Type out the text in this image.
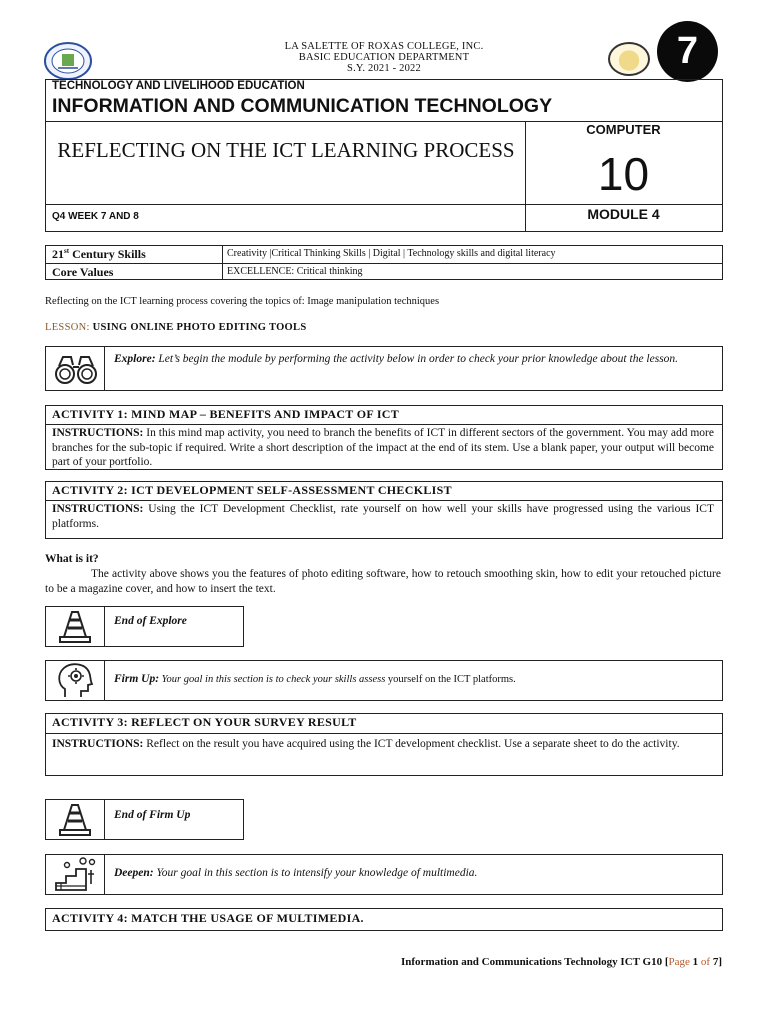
LA SALETTE OF ROXAS COLLEGE, INC.
BASIC EDUCATION DEPARTMENT
S.Y. 2021 - 2022	7
TECHNOLOGY AND LIVELIHOOD EDUCATION
INFORMATION AND COMMUNICATION TECHNOLOGY
REFLECTING ON THE ICT LEARNING PROCESS
COMPUTER
10
Q4 WEEK 7 AND 8	MODULE 4
21st Century Skills	Creativity |Critical Thinking Skills | Digital | Technology skills and digital literacy
Core Values	EXCELLENCE: Critical thinking
Reflecting on the ICT learning process covering the topics of: Image manipulation techniques
LESSON: USING ONLINE PHOTO EDITING TOOLS
Explore: Let’s begin the module by performing the activity below in order to check your prior knowledge about the lesson.
ACTIVITY 1: MIND MAP – BENEFITS AND IMPACT OF ICT
INSTRUCTIONS: In this mind map activity, you need to branch the benefits of ICT in different sectors of the government. You may add more branches for the sub-topic if required. Write a short description of the impact at the end of its stem. Use a blank paper, your output will become part of your portfolio.
ACTIVITY 2: ICT DEVELOPMENT SELF-ASSESSMENT CHECKLIST
INSTRUCTIONS: Using the ICT Development Checklist, rate yourself on how well your skills have progressed using the various ICT platforms.
What is it?
The activity above shows you the features of photo editing software, how to retouch smoothing skin, how to edit your retouched picture to be a magazine cover, and how to insert the text.
End of Explore
Firm Up: Your goal in this section is to check your skills assess yourself on the ICT platforms.
ACTIVITY 3: REFLECT ON YOUR SURVEY RESULT
INSTRUCTIONS: Reflect on the result you have acquired using the ICT development checklist. Use a separate sheet to do the activity.
End of Firm Up
Deepen: Your goal in this section is to intensify your knowledge of multimedia.
ACTIVITY 4: MATCH THE USAGE OF MULTIMEDIA.
Information and Communications Technology ICT G10 [Page 1 of 7]
